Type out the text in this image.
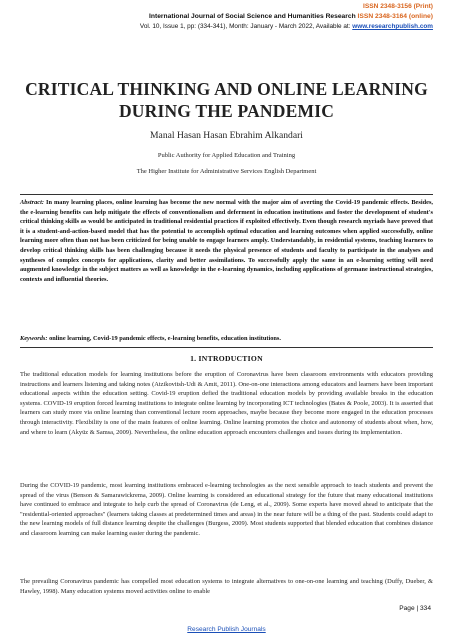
ISSN 2348-3156 (Print)
International Journal of Social Science and Humanities Research ISSN 2348-3164 (online)
Vol. 10, Issue 1, pp: (334-341), Month: January - March 2022, Available at: www.researchpublish.com
CRITICAL THINKING AND ONLINE LEARNING DURING THE PANDEMIC
Manal Hasan Hasan Ebrahim Alkandari
Public Authority for Applied Education and Training
The Higher Institute for Administrative Services English Department
Abstract: In many learning places, online learning has become the new normal with the major aim of averting the Covid-19 pandemic effects. Besides, the e-learning benefits can help mitigate the effects of conventionalism and deferment in education institutions and foster the development of student's critical thinking skills as would be anticipated in traditional residential practices if exploited effectively. Even though research myriads have proved that it is a student-and-action-based model that has the potential to accomplish optimal education and learning outcomes when applied successfully, online learning more often than not has been criticized for being unable to engage learners amply. Understandably, in residential systems, teaching learners to develop critical thinking skills has been challenging because it needs the physical presence of students and faculty to participate in the analyses and syntheses of complex concepts for applications, clarity and better assimilations. To successfully apply the same in an e-learning setting will need augmented knowledge in the subject matters as well as knowledge in the e-learning dynamics, including applications of germane instructional strategies, contexts and influential theories.
Keywords: online learning, Covid-19 pandemic effects, e-learning benefits, education institutions.
1. INTRODUCTION
The traditional education models for learning institutions before the eruption of Coronavirus have been classroom environments with educators providing instructions and learners listening and taking notes (Atzikovitsh-Udi & Amit, 2011). One-on-one interactions among educators and learners have been important educational aspects within the education setting. Covid-19 eruption defied the traditional education models by providing available breaks in the education systems. COVID-19 eruption forced learning institutions to integrate online learning by incorporating ICT technologies (Bates & Poole, 2003). It is asserted that learners can study more via online learning than conventional lecture room approaches, maybe because they become more engaged in the education processes through interactivity. Flexibility is one of the main features of online learning. Online learning promotes the choice and autonomy of students about when, how, and where to learn (Akyüz & Samsa, 2009). Nevertheless, the online education approach encounters challenges and issues during its implementation.
During the COVID-19 pandemic, most learning institutions embraced e-learning technologies as the next sensible approach to teach students and prevent the spread of the virus (Benson & Samarawickrema, 2009). Online learning is considered an educational strategy for the future that many educational institutions have continued to embrace and integrate to help curb the spread of Coronavirus (de Leng, et al., 2009). Some experts have moved ahead to anticipate that the "residential-oriented approaches" (learners taking classes at predetermined times and areas) in the near future will be a thing of the past. Students could adapt to the new learning models of full distance learning despite the challenges (Burgess, 2009). Most students supported that blended education that combines distance and classroom learning can make learning easier during the pandemic.
The prevailing Coronavirus pandemic has compelled most education systems to integrate alternatives to one-on-one learning and teaching (Duffy, Dueber, & Hawley, 1998). Many education systems moved activities online to enable
Page | 334
Research Publish Journals
